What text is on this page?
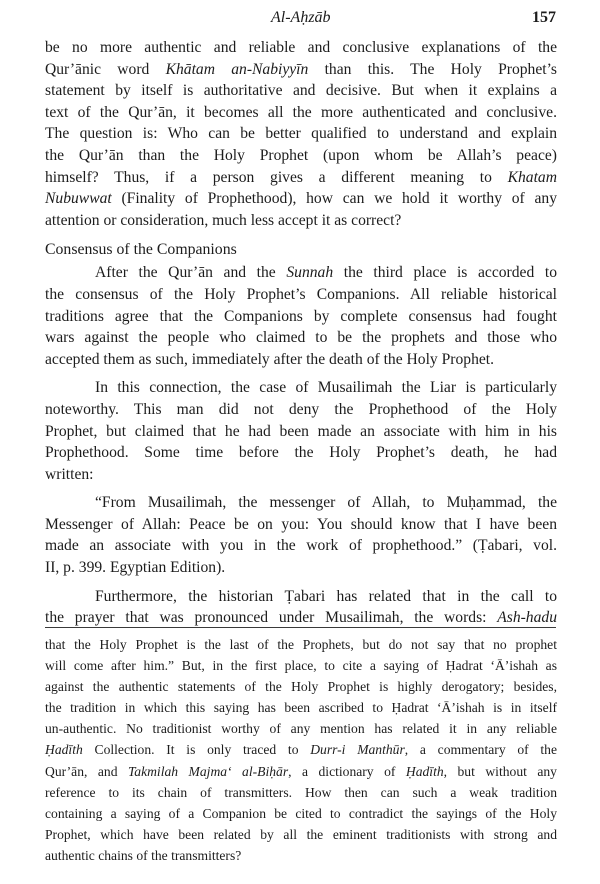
Al-Aḥzāb	157
be no more authentic and reliable and conclusive explanations of the
Qur’ānic word Khātam an-Nabiyyīn than this. The Holy Prophet’s
statement by itself is authoritative and decisive. But when it explains a
text of the Qur’ān, it becomes all the more authenticated and conclusive.
The question is: Who can be better qualified to understand and explain
the Qur’ān than the Holy Prophet (upon whom be Allah’s peace)
himself? Thus, if a person gives a different meaning to Khatam
Nubuwwat (Finality of Prophethood), how can we hold it worthy of any
attention or consideration, much less accept it as correct?
Consensus of the Companions
After the Qur’ān and the Sunnah the third place is accorded to
the consensus of the Holy Prophet’s Companions. All reliable historical
traditions agree that the Companions by complete consensus had fought
wars against the people who claimed to be the prophets and those who
accepted them as such, immediately after the death of the Holy Prophet.
In this connection, the case of Musailimah the Liar is particularly
noteworthy. This man did not deny the Prophethood of the Holy
Prophet, but claimed that he had been made an associate with him in his
Prophethood. Some time before the Holy Prophet’s death, he had
written:
“From Musailimah, the messenger of Allah, to Muḥammad, the
Messenger of Allah: Peace be on you: You should know that I have been
made an associate with you in the work of prophethood.” (Ṭabari, vol.
II, p. 399. Egyptian Edition).
Furthermore, the historian Ṭabari has related that in the call to
the prayer that was pronounced under Musailimah, the words: Ash-hadu
that the Holy Prophet is the last of the Prophets, but do not say that no prophet
will come after him.” But, in the first place, to cite a saying of Ḥadrat ‘Ā’ishah as
against the authentic statements of the Holy Prophet is highly derogatory; besides,
the tradition in which this saying has been ascribed to Ḥadrat ‘Ā’ishah is in itself
un-authentic. No traditionist worthy of any mention has related it in any reliable
Ḥadīth Collection. It is only traced to Durr-i Manthūr, a commentary of the
Qur’ān, and Takmilah Majma‘ al-Biḥār, a dictionary of Ḥadīth, but without any
reference to its chain of transmitters. How then can such a weak tradition
containing a saying of a Companion be cited to contradict the sayings of the Holy
Prophet, which have been related by all the eminent traditionists with strong and
authentic chains of the transmitters?
